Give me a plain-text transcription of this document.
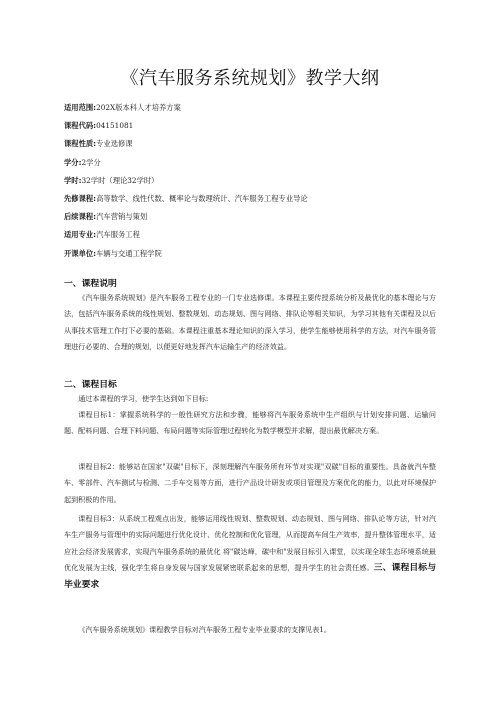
《汽车服务系统规划》教学大纲
适用范围:202X版本科人才培养方案
课程代码:04151081
课程性质:专业选修课
学分:2学分
学时:32学时（理论32学时）
先修课程:高等数学、线性代数、概率论与数理统计、汽车服务工程专业导论
后续课程:汽车营销与策划
适用专业:汽车服务工程
开课单位:车辆与交通工程学院
一、课程说明
《汽车服务系统规划》是汽车服务工程专业的一门专业选修课。本课程主要传授系统分析及最优化的基本理论与方法，包括汽车服务系统的线性规划、整数规划、动态规划、图与网络、排队论等相关知识，为学习其他有关课程及以后从事技术管理工作打下必要的基础。本课程注重基本理论知识的深入学习，使学生能够使用科学的方法，对汽车服务管理进行必要的、合理的规划，以便更好地发挥汽车运输生产的经济效益。
二、课程目标
通过本课程的学习，使学生达到如下目标:
课程目标1：掌握系统科学的一般性研究方法和步骤，能够将汽车服务系统中生产组织与计划安排问题、运输问题、配料问题、合理下料问题、布局问题等实际管理过程转化为数学模型并求解，提出最优解决方案。
课程目标2：能够站在国家"双碳"目标下，深刻理解汽车服务所有环节对实现"双碳"目标的重要性。具备就汽车整车、零部件、汽车测试与检测、二手车交易等方面，进行产品设计研发或项目管理及方案优化的能力，以此对环境保护起到积极的作用。
课程目标3：从系统工程观点出发，能够运用线性规划、整数规划、动态规划、图与网络、排队论等方法，针对汽车生产服务与管理中的实际问题进行优化设计、优化控制和优化管理，从而提高车间生产效率，提升整体管理水平，适应社会经济发展需求，实现汽车服务系统的最优化 将"碳达峰，碳中和"发展目标引入课堂，以实现全球生态环境系统最优化发展为主线，强化学生将自身发展与国家发展紧密联系起来的思想，提升学生的社会责任感。三、课程目标与毕业要求
《汽车服务系统规划》课程教学目标对汽车服务工程专业毕业要求的支撑见表1。
